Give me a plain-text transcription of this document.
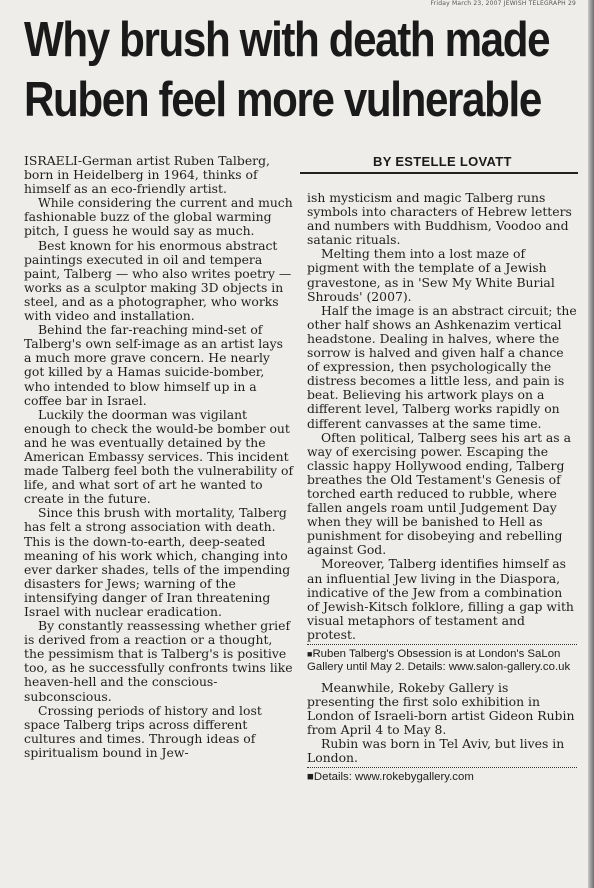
Friday March 23, 2007 JEWISH TELEGRAPH 29
Why brush with death made
Ruben feel more vulnerable
BY ESTELLE LOVATT

ISRAELI-German artist Ruben Talberg, born in Heidelberg in 1964, thinks of himself as an eco-friendly artist.

While considering the current and much fashionable buzz of the global warming pitch, I guess he would say as much.

Best known for his enormous abstract paintings executed in oil and tempera paint, Talberg — who also writes poetry — works as a sculptor making 3D objects in steel, and as a photographer, who works with video and installation.

Behind the far-reaching mind-set of Talberg's own self-image as an artist lays a much more grave concern. He nearly got killed by a Hamas suicide-bomber, who intended to blow himself up in a coffee bar in Israel.

Luckily the doorman was vigilant enough to check the would-be bomber out and he was eventually detained by the American Embassy services. This incident made Talberg feel both the vulnerability of life, and what sort of art he wanted to create in the future.

Since this brush with mortality, Talberg has felt a strong association with death. This is the down-to-earth, deep-seated meaning of his work which, changing into ever darker shades, tells of the impending disasters for Jews; warning of the intensifying danger of Iran threatening Israel with nuclear eradication.

By constantly reassessing whether grief is derived from a reaction or a thought, the pessimism that is Talberg's is positive too, as he successfully confronts twins like heaven-hell and the conscious-subconscious.

Crossing periods of history and lost space Talberg trips across different cultures and times. Through ideas of spiritualism bound in Jew-

ish mysticism and magic Talberg runs symbols into characters of Hebrew letters and numbers with Buddhism, Voodoo and satanic rituals.

Melting them into a lost maze of pigment with the template of a Jewish gravestone, as in 'Sew My White Burial Shrouds' (2007).

Half the image is an abstract circuit; the other half shows an Ashkenazim vertical headstone. Dealing in halves, where the sorrow is halved and given half a chance of expression, then psychologically the distress becomes a little less, and pain is beat. Believing his artwork plays on a different level, Talberg works rapidly on different canvasses at the same time.

Often political, Talberg sees his art as a way of exercising power. Escaping the classic happy Hollywood ending, Talberg breathes the Old Testament's Genesis of torched earth reduced to rubble, where fallen angels roam until Judgement Day when they will be banished to Hell as punishment for disobeying and rebelling against God.

Moreover, Talberg identifies himself as an influential Jew living in the Diaspora, indicative of the Jew from a combination of Jewish-Kitsch folklore, filling a gap with visual metaphors of testament and protest.

■Ruben Talberg's Obsession is at London's SaLon Gallery until May 2. Details: www.salon-gallery.co.uk

Meanwhile, Rokeby Gallery is presenting the first solo exhibition in London of Israeli-born artist Gideon Rubin from April 4 to May 8.

Rubin was born in Tel Aviv, but lives in London.

■Details: www.rokebygallery.com
